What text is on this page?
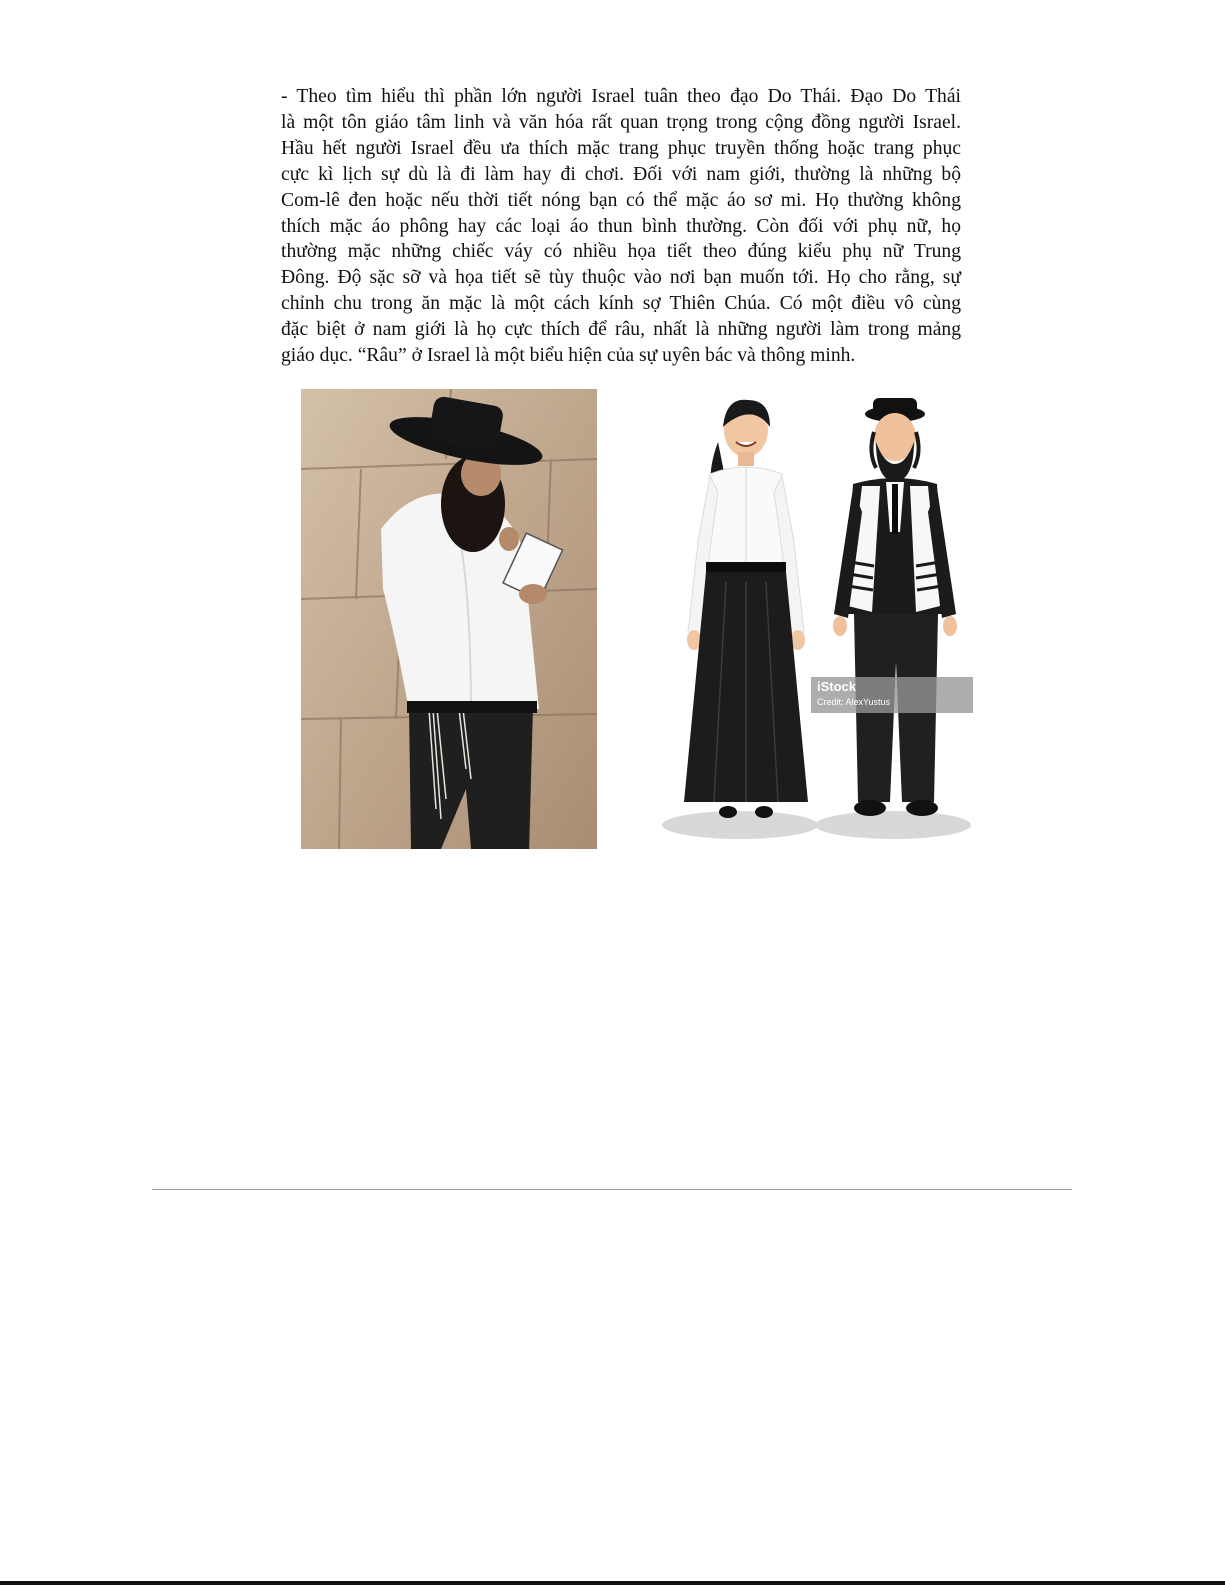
- Theo tìm hiểu thì phần lớn người Israel tuân theo đạo Do Thái. Đạo Do Thái
là một tôn giáo tâm linh và văn hóa rất quan trọng trong cộng đồng người Israel.
Hầu hết người Israel đều ưa thích mặc trang phục truyền thống hoặc trang phục
cực kì lịch sự dù là đi làm hay đi chơi. Đối với nam giới, thường là những bộ
Com-lê đen hoặc nếu thời tiết nóng bạn có thể mặc áo sơ mi. Họ thường không
thích mặc áo phông hay các loại áo thun bình thường. Còn đối với phụ nữ, họ
thường mặc những chiếc váy có nhiều họa tiết theo đúng kiểu phụ nữ Trung
Đông. Độ sặc sỡ và họa tiết sẽ tùy thuộc vào nơi bạn muốn tới. Họ cho rằng, sự
chỉnh chu trong ăn mặc là một cách kính sợ Thiên Chúa. Có một điều vô cùng
đặc biệt ở nam giới là họ cực thích để râu, nhất là những người làm trong mảng
giáo dục. “Râu” ở Israel là một biểu hiện của sự uyên bác và thông minh.
iStock
Credit: AlexYustus
